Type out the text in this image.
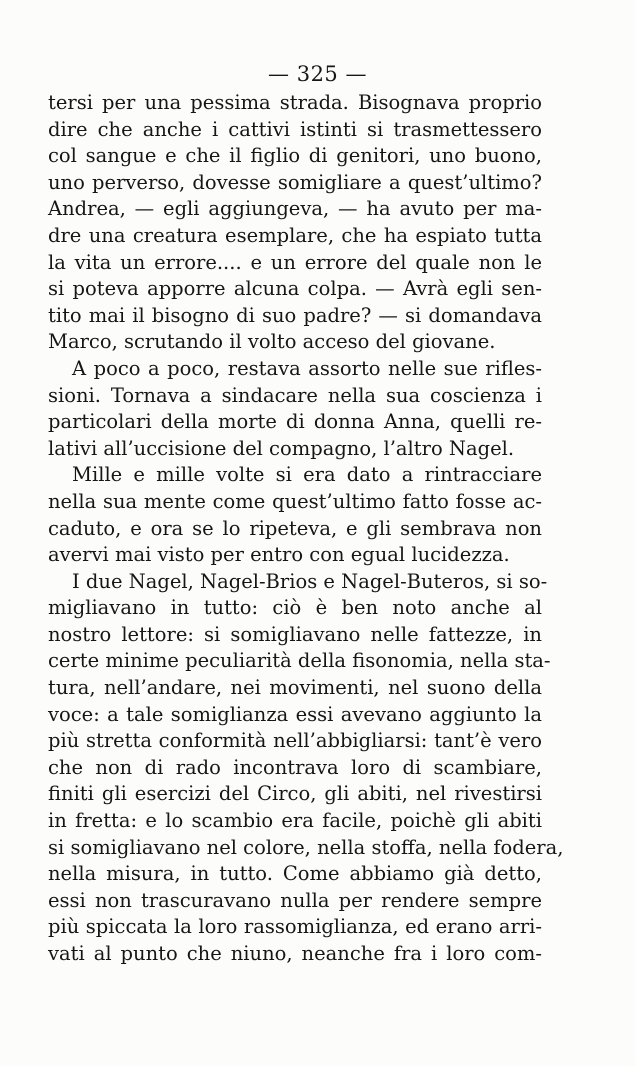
— 325 —
tersi per una pessima strada. Bisognava proprio
dire che anche i cattivi istinti si trasmettessero
col sangue e che il figlio di genitori, uno buono,
uno perverso, dovesse somigliare a quest’ultimo?
Andrea, — egli aggiungeva, — ha avuto per ma-
dre una creatura esemplare, che ha espiato tutta
la vita un errore.... e un errore del quale non le
si poteva apporre alcuna colpa. — Avrà egli sen-
tito mai il bisogno di suo padre? — si domandava
Marco, scrutando il volto acceso del giovane.
A poco a poco, restava assorto nelle sue rifles-
sioni. Tornava a sindacare nella sua coscienza i
particolari della morte di donna Anna, quelli re-
lativi all’uccisione del compagno, l’altro Nagel.
Mille e mille volte si era dato a rintracciare
nella sua mente come quest’ultimo fatto fosse ac-
caduto, e ora se lo ripeteva, e gli sembrava non
avervi mai visto per entro con egual lucidezza.
I due Nagel, Nagel-Brios e Nagel-Buteros, si so-
migliavano in tutto: ciò è ben noto anche al
nostro lettore: si somigliavano nelle fattezze, in
certe minime peculiarità della fisonomia, nella sta-
tura, nell’andare, nei movimenti, nel suono della
voce: a tale somiglianza essi avevano aggiunto la
più stretta conformità nell’abbigliarsi: tant’è vero
che non di rado incontrava loro di scambiare,
finiti gli esercizi del Circo, gli abiti, nel rivestirsi
in fretta: e lo scambio era facile, poichè gli abiti
si somigliavano nel colore, nella stoffa, nella fodera,
nella misura, in tutto. Come abbiamo già detto,
essi non trascuravano nulla per rendere sempre
più spiccata la loro rassomiglianza, ed erano arri-
vati al punto che niuno, neanche fra i loro com-
